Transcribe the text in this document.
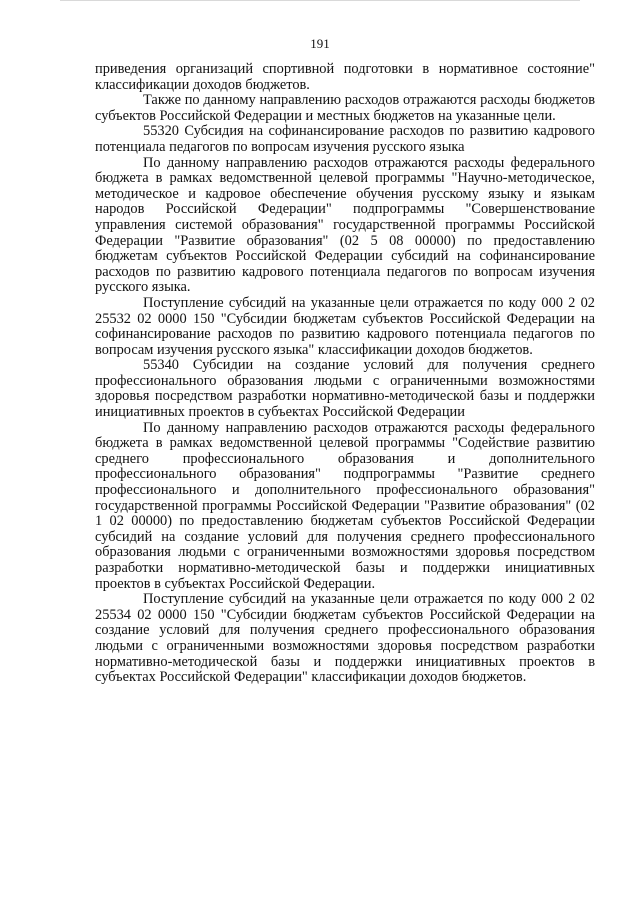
191

приведения организаций спортивной подготовки в нормативное состояние" классификации доходов бюджетов.

Также по данному направлению расходов отражаются расходы бюджетов субъектов Российской Федерации и местных бюджетов на указанные цели.

55320 Субсидия на софинансирование расходов по развитию кадрового потенциала педагогов по вопросам изучения русского языка

По данному направлению расходов отражаются расходы федерального бюджета в рамках ведомственной целевой программы "Научно-методическое, методическое и кадровое обеспечение обучения русскому языку и языкам народов Российской Федерации" подпрограммы "Совершенствование управления системой образования" государственной программы Российской Федерации "Развитие образования" (02 5 08 00000) по предоставлению бюджетам субъектов Российской Федерации субсидий на софинансирование расходов по развитию кадрового потенциала педагогов по вопросам изучения русского языка.

Поступление субсидий на указанные цели отражается по коду 000 2 02 25532 02 0000 150 "Субсидии бюджетам субъектов Российской Федерации на софинансирование расходов по развитию кадрового потенциала педагогов по вопросам изучения русского языка" классификации доходов бюджетов.

55340 Субсидии на создание условий для получения среднего профессионального образования людьми с ограниченными возможностями здоровья посредством разработки нормативно-методической базы и поддержки инициативных проектов в субъектах Российской Федерации

По данному направлению расходов отражаются расходы федерального бюджета в рамках ведомственной целевой программы "Содействие развитию среднего профессионального образования и дополнительного профессионального образования" подпрограммы "Развитие среднего профессионального и дополнительного профессионального образования" государственной программы Российской Федерации "Развитие образования" (02 1 02 00000) по предоставлению бюджетам субъектов Российской Федерации субсидий на создание условий для получения среднего профессионального образования людьми с ограниченными возможностями здоровья посредством разработки нормативно-методической базы и поддержки инициативных проектов в субъектах Российской Федерации.

Поступление субсидий на указанные цели отражается по коду 000 2 02 25534 02 0000 150 "Субсидии бюджетам субъектов Российской Федерации на создание условий для получения среднего профессионального образования людьми с ограниченными возможностями здоровья посредством разработки нормативно-методической базы и поддержки инициативных проектов в субъектах Российской Федерации" классификации доходов бюджетов.
